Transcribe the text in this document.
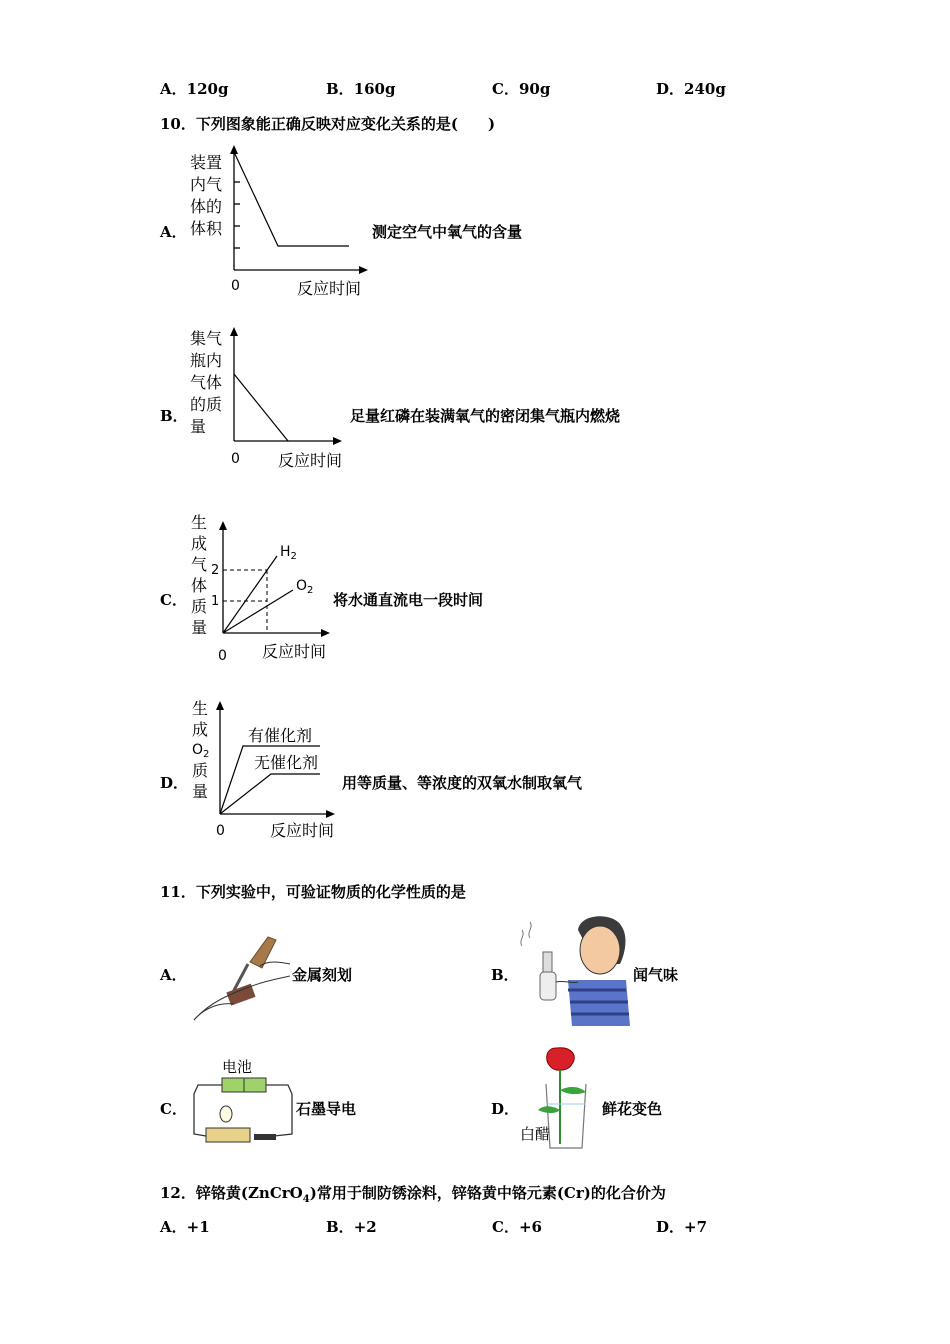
A．120g	B．160g	C．90g	D．240g
10．下列图象能正确反映对应变化关系的是(　　)
A．
装置
内气
体的
体积
0	反应时间
测定空气中氧气的含量
B．
集气
瓶内
气体
的质
量
0 反应时间
足量红磷在装满氧气的密闭集气瓶内燃烧
C．
生
成
气
体
质
量
2
1
$H_2$
$O_2$
0 反应时间
将水通直流电一段时间
D．
生
成
$O_2$
质
量
有催化剂
无催化剂
0	反应时间
用等质量、等浓度的双氧水制取氧气
11．下列实验中，可验证物质的化学性质的是
A．	金属刻划	B．	闻气味
C．
电池
石墨导电	D．
白醋
鲜花变色
12．锌铬黄(ZnCrO$_4$)常用于制防锈涂料，锌铬黄中铬元素(Cr)的化合价为
A．+1	B．+2	C．+6	D．+7
